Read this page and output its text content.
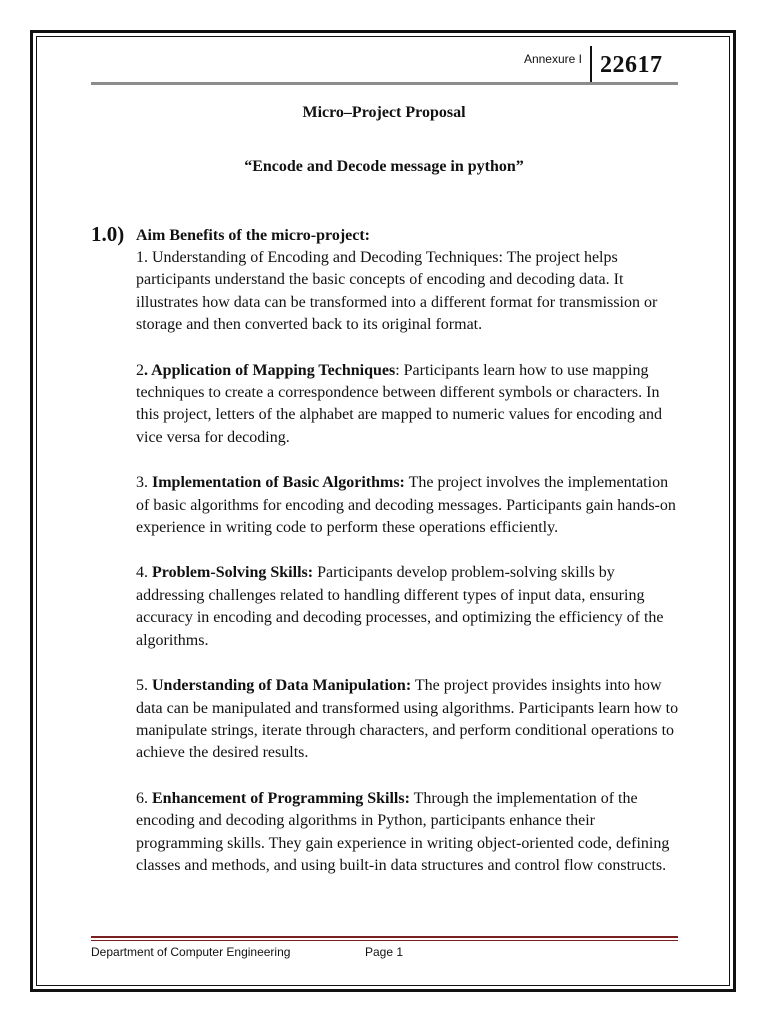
Annexure I 22617
Micro–Project Proposal
“Encode and Decode message in python”
1.0) Aim Benefits of the micro-project:

1. Understanding of Encoding and Decoding Techniques: The project helps participants understand the basic concepts of encoding and decoding data. It illustrates how data can be transformed into a different format for transmission or storage and then converted back to its original format.

2. Application of Mapping Techniques: Participants learn how to use mapping techniques to create a correspondence between different symbols or characters. In this project, letters of the alphabet are mapped to numeric values for encoding and vice versa for decoding.

3. Implementation of Basic Algorithms: The project involves the implementation of basic algorithms for encoding and decoding messages. Participants gain hands-on experience in writing code to perform these operations efficiently.

4. Problem-Solving Skills: Participants develop problem-solving skills by addressing challenges related to handling different types of input data, ensuring accuracy in encoding and decoding processes, and optimizing the efficiency of the algorithms.

5. Understanding of Data Manipulation: The project provides insights into how data can be manipulated and transformed using algorithms. Participants learn how to manipulate strings, iterate through characters, and perform conditional operations to achieve the desired results.

6. Enhancement of Programming Skills: Through the implementation of the encoding and decoding algorithms in Python, participants enhance their programming skills. They gain experience in writing object-oriented code, defining classes and methods, and using built-in data structures and control flow constructs.

Department of Computer Engineering	Page 1
